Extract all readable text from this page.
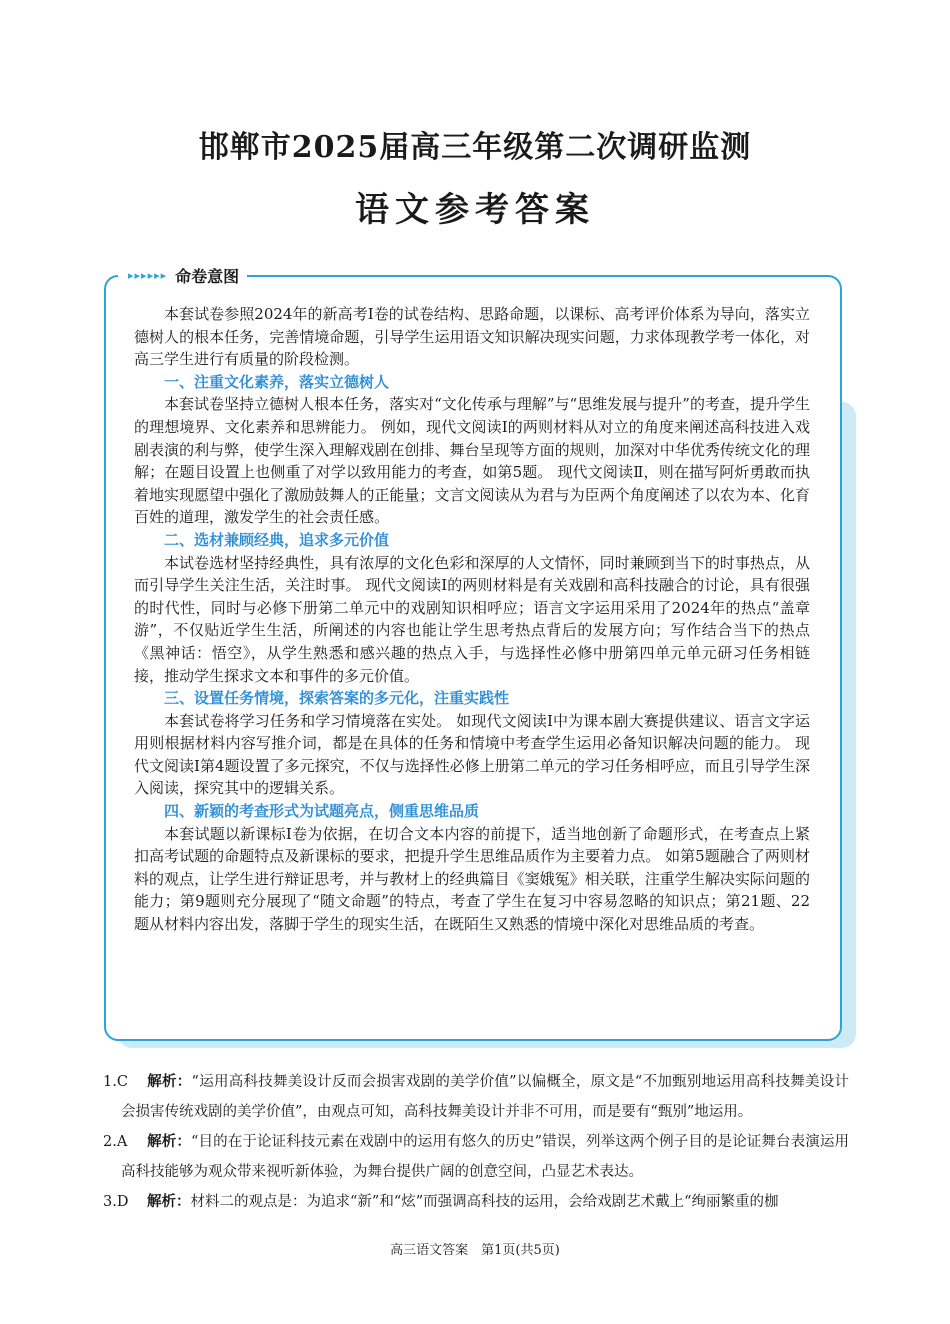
邯郸市2025届高三年级第二次调研监测
语文参考答案
▸▸▸▸▸▸ 命卷意图

本套试卷参照2024年的新高考Ⅰ卷的试卷结构、思路命题，以课标、高考评价体系为导向，落实立德树人的根本任务，完善情境命题，引导学生运用语文知识解决现实问题，力求体现教学考一体化，对高三学生进行有质量的阶段检测。

一、注重文化素养，落实立德树人

本套试卷坚持立德树人根本任务，落实对“文化传承与理解”与“思维发展与提升”的考查，提升学生的理想境界、文化素养和思辨能力。 例如，现代文阅读Ⅰ的两则材料从对立的角度来阐述高科技进入戏剧表演的利与弊，使学生深入理解戏剧在创排、舞台呈现等方面的规则，加深对中华优秀传统文化的理解；在题目设置上也侧重了对学以致用能力的考查，如第5题。 现代文阅读Ⅱ，则在描写阿炘勇敢而执着地实现愿望中强化了激励鼓舞人的正能量；文言文阅读从为君与为臣两个角度阐述了以农为本、化育百姓的道理，激发学生的社会责任感。

二、选材兼顾经典，追求多元价值

本试卷选材坚持经典性，具有浓厚的文化色彩和深厚的人文情怀，同时兼顾到当下的时事热点，从而引导学生关注生活，关注时事。 现代文阅读Ⅰ的两则材料是有关戏剧和高科技融合的讨论，具有很强的时代性，同时与必修下册第二单元中的戏剧知识相呼应；语言文字运用采用了2024年的热点“盖章游”，不仅贴近学生生活，所阐述的内容也能让学生思考热点背后的发展方向；写作结合当下的热点《黑神话：悟空》，从学生熟悉和感兴趣的热点入手，与选择性必修中册第四单元单元研习任务相链接，推动学生探求文本和事件的多元价值。

三、设置任务情境，探索答案的多元化，注重实践性

本套试卷将学习任务和学习情境落在实处。 如现代文阅读Ⅰ中为课本剧大赛提供建议、语言文字运用则根据材料内容写推介词，都是在具体的任务和情境中考查学生运用必备知识解决问题的能力。 现代文阅读Ⅰ第4题设置了多元探究，不仅与选择性必修上册第二单元的学习任务相呼应，而且引导学生深入阅读，探究其中的逻辑关系。

四、新颖的考查形式为试题亮点，侧重思维品质

本套试题以新课标Ⅰ卷为依据，在切合文本内容的前提下，适当地创新了命题形式，在考查点上紧扣高考试题的命题特点及新课标的要求，把提升学生思维品质作为主要着力点。 如第5题融合了两则材料的观点，让学生进行辩证思考，并与教材上的经典篇目《窦娥冤》相关联，注重学生解决实际问题的能力；第9题则充分展现了“随文命题”的特点，考查了学生在复习中容易忽略的知识点；第21题、22题从材料内容出发，落脚于学生的现实生活，在既陌生又熟悉的情境中深化对思维品质的考查。

1.C 解析：“运用高科技舞美设计反而会损害戏剧的美学价值”以偏概全，原文是“不加甄别地运用高科技舞美设计会损害传统戏剧的美学价值”，由观点可知，高科技舞美设计并非不可用，而是要有“甄别”地运用。
2.A 解析：“目的在于论证科技元素在戏剧中的运用有悠久的历史”错误，列举这两个例子目的是论证舞台表演运用高科技能够为观众带来视听新体验，为舞台提供广阔的创意空间，凸显艺术表达。
3.D 解析：材料二的观点是：为追求“新”和“炫”而强调高科技的运用，会给戏剧艺术戴上“绚丽繁重的枷
高三语文答案　第1页(共5页)
